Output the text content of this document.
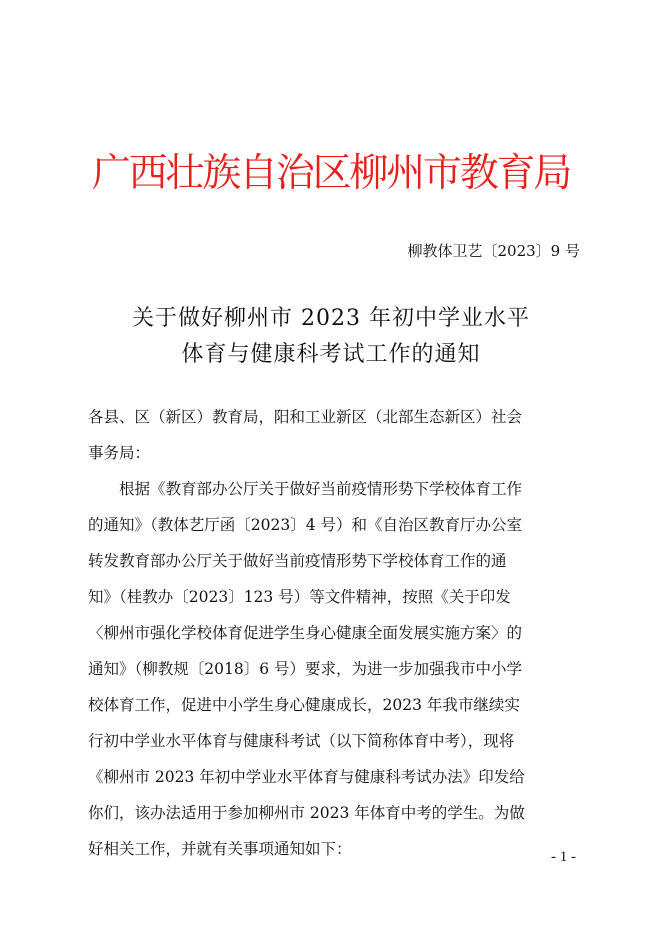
广西壮族自治区柳州市教育局
柳教体卫艺〔2023〕9 号
关于做好柳州市 2023 年初中学业水平
体育与健康科考试工作的通知
各县、区（新区）教育局，阳和工业新区（北部生态新区）社会
事务局：
　　根据《教育部办公厅关于做好当前疫情形势下学校体育工作
的通知》（教体艺厅函〔2023〕4 号）和《自治区教育厅办公室
转发教育部办公厅关于做好当前疫情形势下学校体育工作的通
知》（桂教办〔2023〕123 号）等文件精神，按照《关于印发
〈柳州市强化学校体育促进学生身心健康全面发展实施方案〉的
通知》（柳教规〔2018〕6 号）要求，为进一步加强我市中小学
校体育工作，促进中小学生身心健康成长，2023 年我市继续实
行初中学业水平体育与健康科考试（以下简称体育中考），现将
《柳州市 2023 年初中学业水平体育与健康科考试办法》印发给
你们，该办法适用于参加柳州市 2023 年体育中考的学生。为做
好相关工作，并就有关事项通知如下：	- 1 -
